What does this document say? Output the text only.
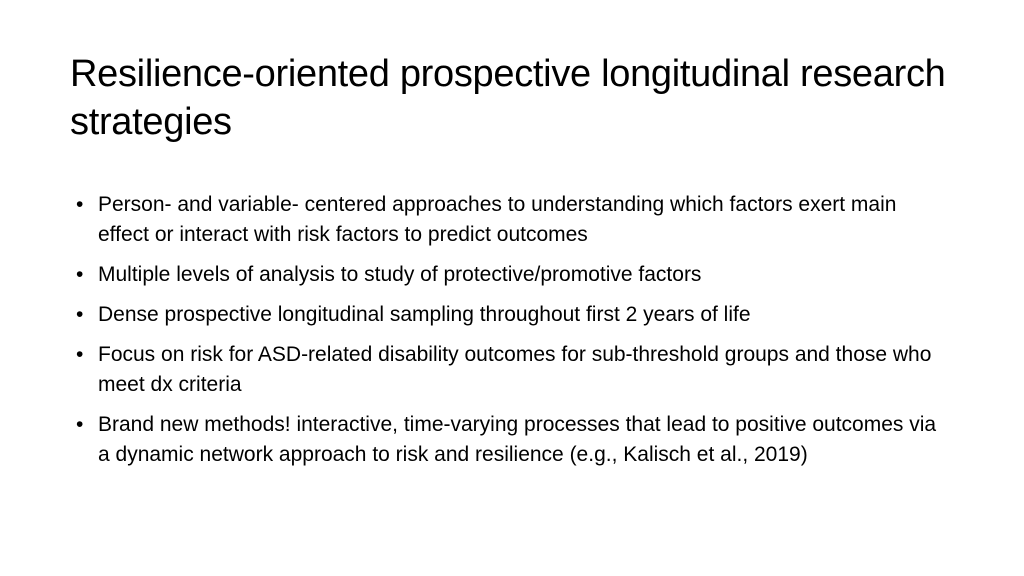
Resilience-oriented prospective longitudinal research strategies
• Person- and variable- centered approaches to understanding which factors exert main effect or interact with risk factors to predict outcomes
• Multiple levels of analysis to study of protective/promotive factors
• Dense prospective longitudinal sampling throughout first 2 years of life
• Focus on risk for ASD-related disability outcomes for sub-threshold groups and those who meet dx criteria
• Brand new methods! interactive, time-varying processes that lead to positive outcomes via a dynamic network approach to risk and resilience (e.g., Kalisch et al., 2019)
